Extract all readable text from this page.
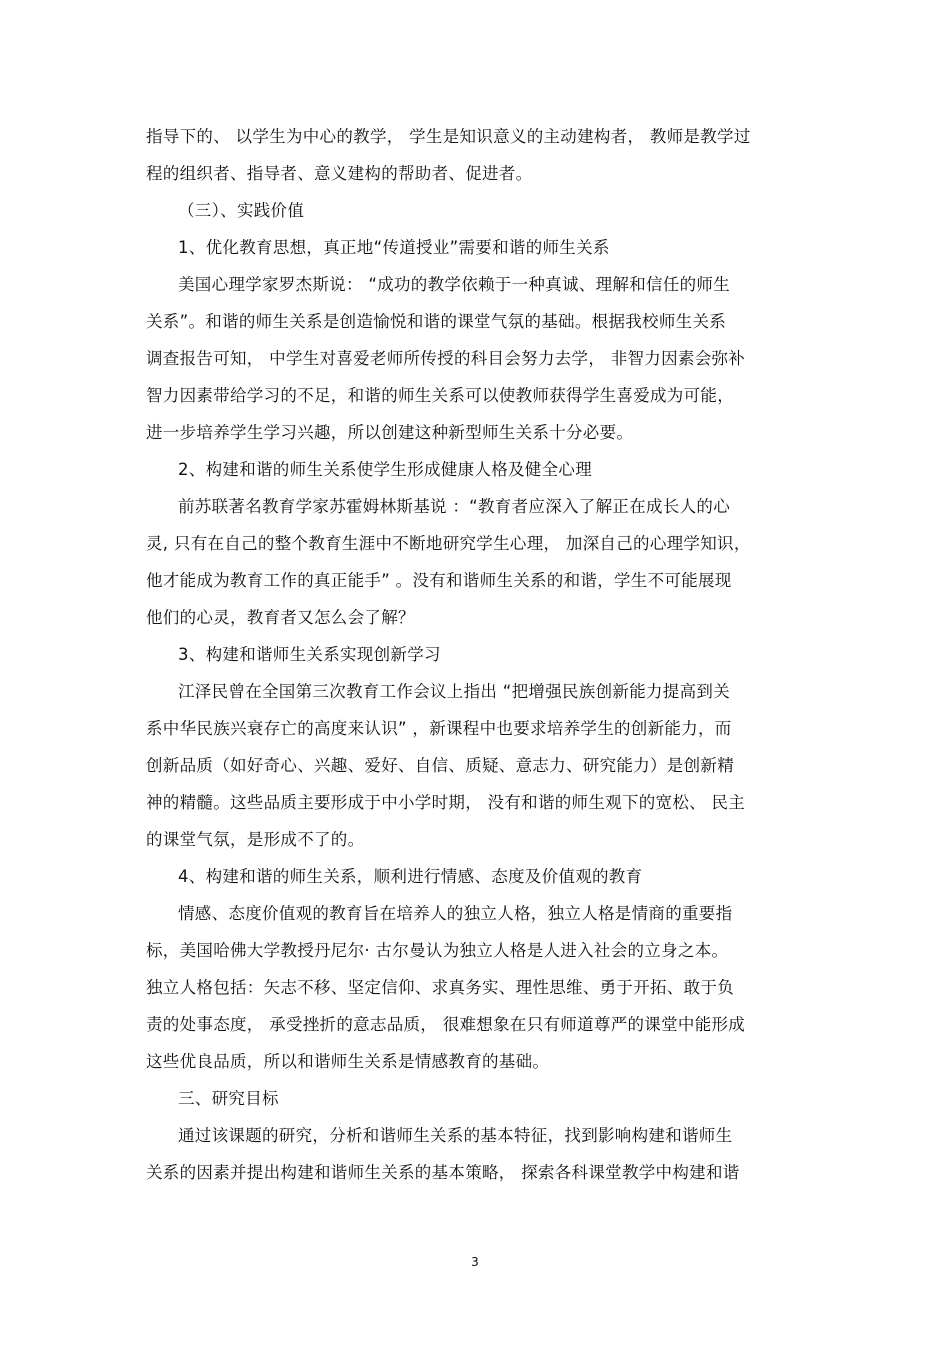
指导下的、 以学生为中心的教学， 学生是知识意义的主动建构者， 教师是教学过
程的组织者、指导者、意义建构的帮助者、促进者。
（三）、实践价值
1、优化教育思想，真正地“传道授业”需要和谐的师生关系
美国心理学家罗杰斯说： “成功的教学依赖于一种真诚、理解和信任的师生
关系”。和谐的师生关系是创造愉悦和谐的课堂气氛的基础。根据我校师生关系
调查报告可知， 中学生对喜爱老师所传授的科目会努力去学， 非智力因素会弥补
智力因素带给学习的不足，和谐的师生关系可以使教师获得学生喜爱成为可能，
进一步培养学生学习兴趣，所以创建这种新型师生关系十分必要。
2、构建和谐的师生关系使学生形成健康人格及健全心理
前苏联著名教育学家苏霍姆林斯基说 ：“教育者应深入了解正在成长人的心
灵, 只有在自己的整个教育生涯中不断地研究学生心理， 加深自己的心理学知识，
他才能成为教育工作的真正能手” 。没有和谐师生关系的和谐，学生不可能展现
他们的心灵，教育者又怎么会了解？
3、构建和谐师生关系实现创新学习
江泽民曾在全国第三次教育工作会议上指出 “把增强民族创新能力提高到关
系中华民族兴衰存亡的高度来认识” ，新课程中也要求培养学生的创新能力，而
创新品质（如好奇心、兴趣、爱好、自信、质疑、意志力、研究能力）是创新精
神的精髓。这些品质主要形成于中小学时期， 没有和谐的师生观下的宽松、 民主
的课堂气氛，是形成不了的。
4、构建和谐的师生关系，顺利进行情感、态度及价值观的教育
情感、态度价值观的教育旨在培养人的独立人格，独立人格是情商的重要指
标，美国哈佛大学教授丹尼尔· 古尔曼认为独立人格是人进入社会的立身之本。
独立人格包括：矢志不移、坚定信仰、求真务实、理性思维、勇于开拓、敢于负
责的处事态度， 承受挫折的意志品质， 很难想象在只有师道尊严的课堂中能形成
这些优良品质，所以和谐师生关系是情感教育的基础。
三、研究目标
通过该课题的研究，分析和谐师生关系的基本特征，找到影响构建和谐师生
关系的因素并提出构建和谐师生关系的基本策略， 探索各科课堂教学中构建和谐
3
